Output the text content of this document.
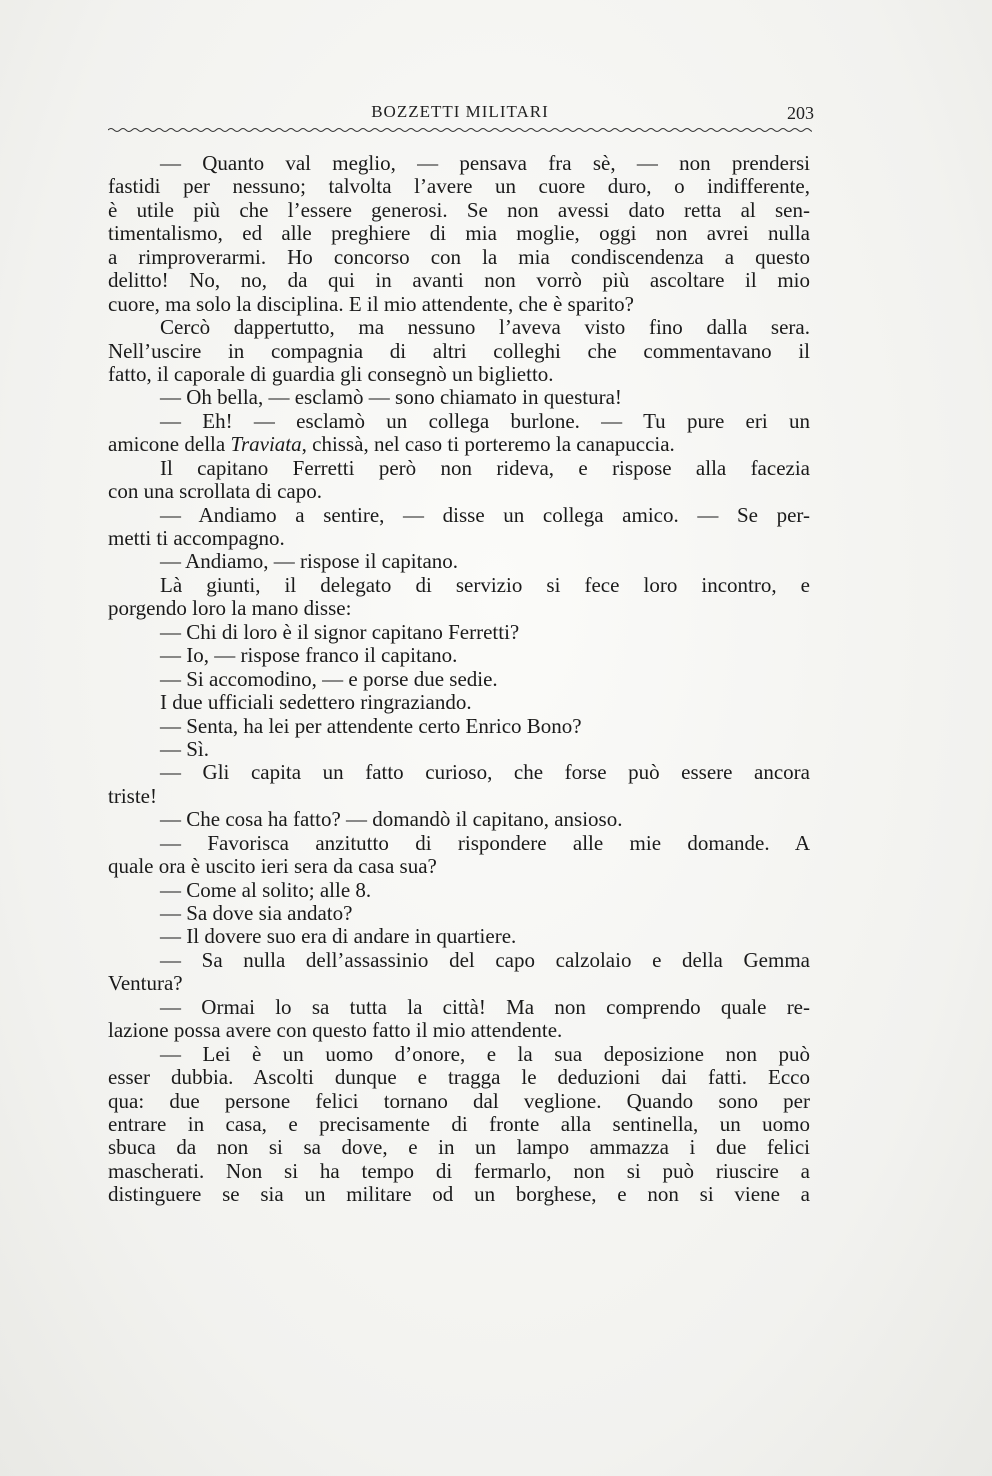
BOZZETTI MILITARI	203
— Quanto val meglio, — pensava fra sè, — non prendersi
fastidi per nessuno; talvolta l’avere un cuore duro, o indifferente,
è utile più che l’essere generosi. Se non avessi dato retta al sen-
timentalismo, ed alle preghiere di mia moglie, oggi non avrei nulla
a rimproverarmi. Ho concorso con la mia condiscendenza a questo
delitto! No, no, da qui in avanti non vorrò più ascoltare il mio
cuore, ma solo la disciplina. E il mio attendente, che è sparito?
Cercò dappertutto, ma nessuno l’aveva visto fino dalla sera.
Nell’uscire in compagnia di altri colleghi che commentavano il
fatto, il caporale di guardia gli consegnò un biglietto.
— Oh bella, — esclamò — sono chiamato in questura!
— Eh! — esclamò un collega burlone. — Tu pure eri un
amicone della Traviata, chissà, nel caso ti porteremo la canapuccia.
Il capitano Ferretti però non rideva, e rispose alla facezia
con una scrollata di capo.
— Andiamo a sentire, — disse un collega amico. — Se per-
metti ti accompagno.
— Andiamo, — rispose il capitano.
Là giunti, il delegato di servizio si fece loro incontro, e
porgendo loro la mano disse:
— Chi di loro è il signor capitano Ferretti?
— Io, — rispose franco il capitano.
— Si accomodino, — e porse due sedie.
I due ufficiali sedettero ringraziando.
— Senta, ha lei per attendente certo Enrico Bono?
— Sì.
— Gli capita un fatto curioso, che forse può essere ancora
triste!
— Che cosa ha fatto? — domandò il capitano, ansioso.
— Favorisca anzitutto di rispondere alle mie domande. A
quale ora è uscito ieri sera da casa sua?
— Come al solito; alle 8.
— Sa dove sia andato?
— Il dovere suo era di andare in quartiere.
— Sa nulla dell’assassinio del capo calzolaio e della Gemma
Ventura?
— Ormai lo sa tutta la città! Ma non comprendo quale re-
lazione possa avere con questo fatto il mio attendente.
— Lei è un uomo d’onore, e la sua deposizione non può
esser dubbia. Ascolti dunque e tragga le deduzioni dai fatti. Ecco
qua: due persone felici tornano dal veglione. Quando sono per
entrare in casa, e precisamente di fronte alla sentinella, un uomo
sbuca da non si sa dove, e in un lampo ammazza i due felici
mascherati. Non si ha tempo di fermarlo, non si può riuscire a
distinguere se sia un militare od un borghese, e non si viene a
